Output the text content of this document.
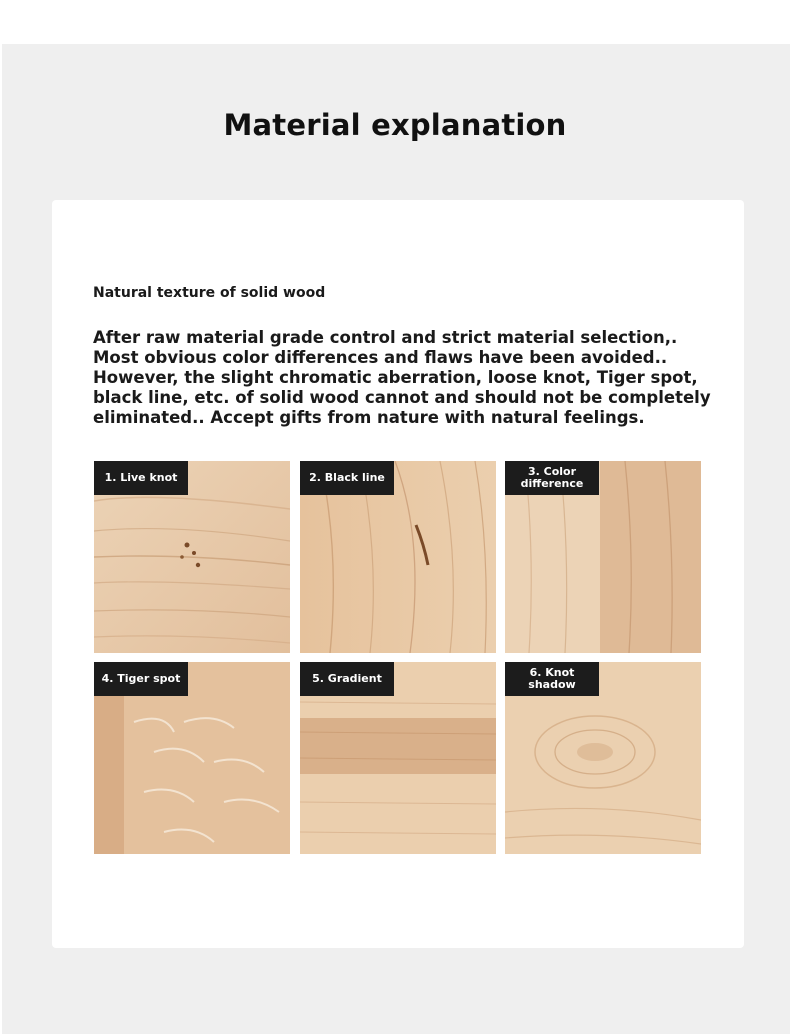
Material explanation
Natural texture of solid wood
After raw material grade control and strict material selection,.
Most obvious color differences and flaws have been avoided..
However, the slight chromatic aberration, loose knot, Tiger spot,
black line, etc. of solid wood cannot and should not be completely
eliminated.. Accept gifts from nature with natural feelings.
1. Live knot	2. Black line	3. Color difference
4. Tiger spot	5. Gradient	6. Knot shadow
